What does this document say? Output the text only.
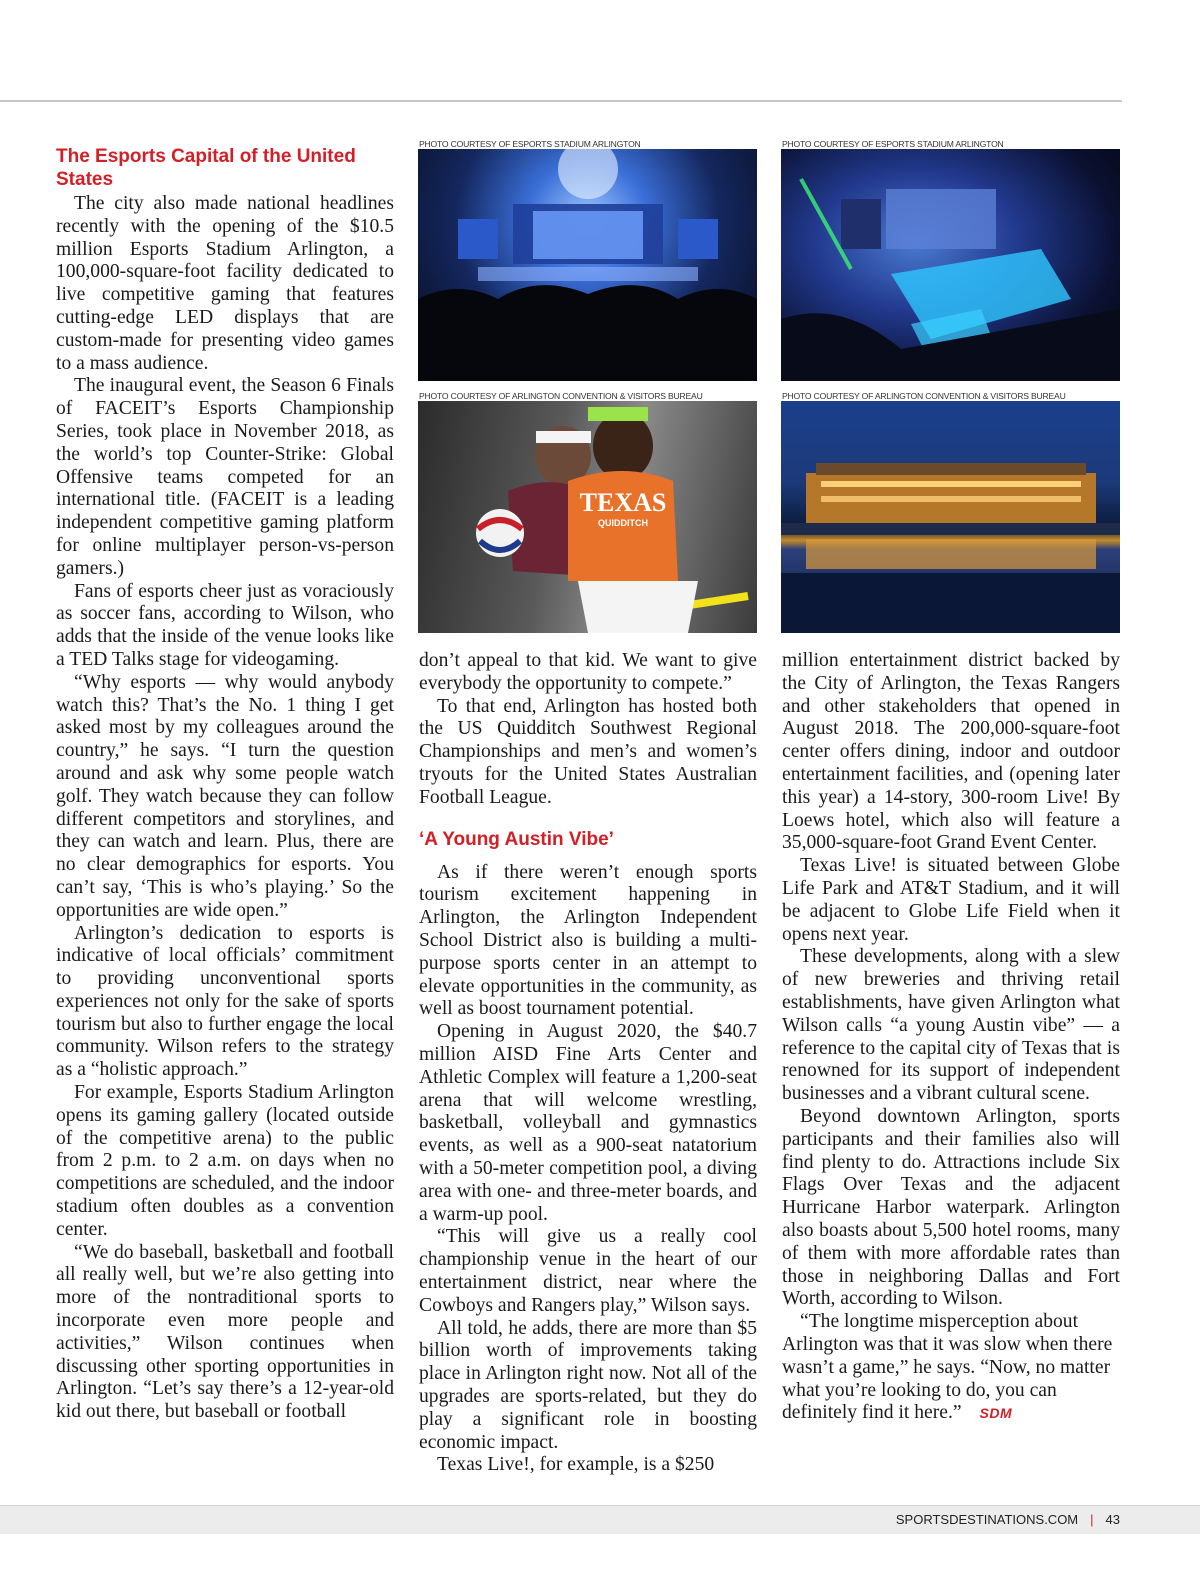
The Esports Capital of the United States

The city also made national headlines recently with the opening of the $10.5 million Esports Stadium Arlington, a 100,000-square-foot facility dedicated to live competitive gaming that features cutting-edge LED displays that are custom-made for presenting video games to a mass audience.

The inaugural event, the Season 6 Finals of FACEIT’s Esports Championship Series, took place in November 2018, as the world’s top Counter-Strike: Global Offensive teams competed for an international title. (FACEIT is a leading independent competitive gaming platform for online multiplayer person-vs-person gamers.)

Fans of esports cheer just as voraciously as soccer fans, according to Wilson, who adds that the inside of the venue looks like a TED Talks stage for videogaming.

“Why esports — why would anybody watch this? That’s the No. 1 thing I get asked most by my colleagues around the country,” he says. “I turn the question around and ask why some people watch golf. They watch because they can follow different competitors and storylines, and they can watch and learn. Plus, there are no clear demographics for esports. You can’t say, ‘This is who’s playing.’ So the opportunities are wide open.”

Arlington’s dedication to esports is indicative of local officials’ commitment to providing unconventional sports experiences not only for the sake of sports tourism but also to further engage the local community. Wilson refers to the strategy as a “holistic approach.”

For example, Esports Stadium Arlington opens its gaming gallery (located outside of the competitive arena) to the public from 2 p.m. to 2 a.m. on days when no competitions are scheduled, and the indoor stadium often doubles as a convention center.

“We do baseball, basketball and football all really well, but we’re also getting into more of the nontraditional sports to incorporate even more people and activities,” Wilson continues when discussing other sporting opportunities in Arlington. “Let’s say there’s a 12-year-old kid out there, but baseball or football

PHOTO COURTESY OF ESPORTS STADIUM ARLINGTON	PHOTO COURTESY OF ESPORTS STADIUM ARLINGTON
PHOTO COURTESY OF ARLINGTON CONVENTION & VISITORS BUREAU	PHOTO COURTESY OF ARLINGTON CONVENTION & VISITORS BUREAU
TEXAS
QUIDDITCH

don’t appeal to that kid. We want to give everybody the opportunity to compete.”

To that end, Arlington has hosted both the US Quidditch Southwest Regional Championships and men’s and women’s tryouts for the United States Australian Football League.

‘A Young Austin Vibe’

As if there weren’t enough sports tourism excitement happening in Arlington, the Arlington Independent School District also is building a multi-purpose sports center in an attempt to elevate opportunities in the community, as well as boost tournament potential.

Opening in August 2020, the $40.7 million AISD Fine Arts Center and Athletic Complex will feature a 1,200-seat arena that will welcome wrestling, basketball, volleyball and gymnastics events, as well as a 900-seat natatorium with a 50-meter competition pool, a diving area with one- and three-meter boards, and a warm-up pool.

“This will give us a really cool championship venue in the heart of our entertainment district, near where the Cowboys and Rangers play,” Wilson says.

All told, he adds, there are more than $5 billion worth of improvements taking place in Arlington right now. Not all of the upgrades are sports-related, but they do play a significant role in boosting economic impact.

Texas Live!, for example, is a $250

million entertainment district backed by the City of Arlington, the Texas Rangers and other stakeholders that opened in August 2018. The 200,000-square-foot center offers dining, indoor and outdoor entertainment facilities, and (opening later this year) a 14-story, 300-room Live! By Loews hotel, which also will feature a 35,000-square-foot Grand Event Center.

Texas Live! is situated between Globe Life Park and AT&T Stadium, and it will be adjacent to Globe Life Field when it opens next year.

These developments, along with a slew of new breweries and thriving retail establishments, have given Arlington what Wilson calls “a young Austin vibe” — a reference to the capital city of Texas that is renowned for its support of independent businesses and a vibrant cultural scene.

Beyond downtown Arlington, sports participants and their families also will find plenty to do. Attractions include Six Flags Over Texas and the adjacent Hurricane Harbor waterpark. Arlington also boasts about 5,500 hotel rooms, many of them with more affordable rates than those in neighboring Dallas and Fort Worth, according to Wilson.

“The longtime misperception about Arlington was that it was slow when there wasn’t a game,” he says. “Now, no matter what you’re looking to do, you can definitely find it here.” SDM

SPORTSDESTINATIONS.COM | 43
